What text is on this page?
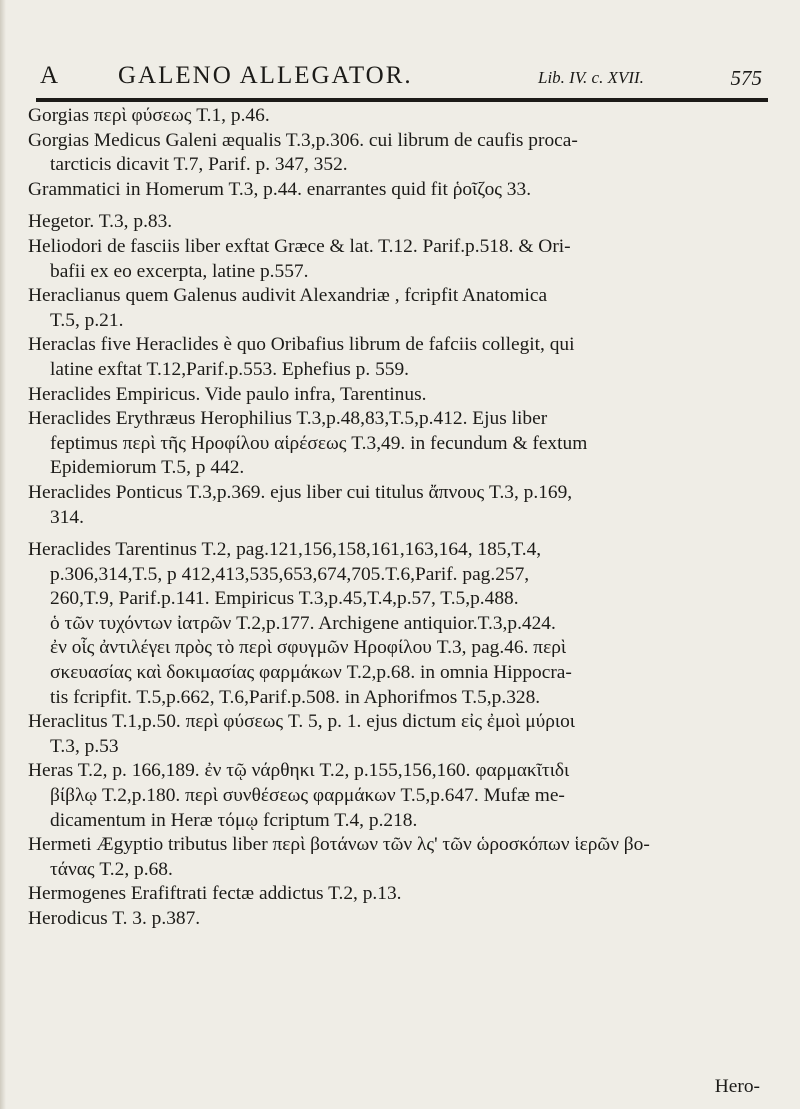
A GALENO ALLEGATOR.	Lib. IV. c. XVII.	575
Gorgias περὶ φύσεως T.1, p.46.
Gorgias Medicus Galeni æqualis T.3,p.306. cui librum de caufis proca-
tarcticis dicavit T.7, Parif. p. 347, 352.
Grammatici in Homerum T.3, p.44. enarrantes quid fit ῥοῖζος 33.
Hegetor. T.3, p.83.
Heliodori de fasciis liber exftat Græce & lat. T.12. Parif.p.518. & Ori-
bafii ex eo excerpta, latine p.557.
Heraclianus quem Galenus audivit Alexandriæ , fcripfit Anatomica
T.5, p.21.
Heraclas five Heraclides è quo Oribafius librum de fafciis collegit, qui
latine exftat T.12,Parif.p.553. Ephefius p. 559.
Heraclides Empiricus. Vide paulo infra, Tarentinus.
Heraclides Erythræus Herophilius T.3,p.48,83,T.5,p.412. Ejus liber
feptimus περὶ τῆς Ηροφίλου αἱρέσεως T.3,49. in fecundum & fextum
Epidemiorum T.5, p 442.
Heraclides Ponticus T.3,p.369. ejus liber cui titulus ἄπνους T.3, p.169,
314.
Heraclides Tarentinus T.2, pag.121,156,158,161,163,164, 185,T.4,
p.306,314,T.5, p 412,413,535,653,674,705.T.6,Parif. pag.257,
260,T.9, Parif.p.141. Empiricus T.3,p.45,T.4,p.57, T.5,p.488.
ὁ τῶν τυχόντων ἰατρῶν T.2,p.177. Archigene antiquior.T.3,p.424.
ἐν οἷς ἀντιλέγει πρὸς τὸ περὶ σφυγμῶν Ηροφίλου T.3, pag.46. περὶ
σκευασίας καὶ δοκιμασίας φαρμάκων T.2,p.68. in omnia Hippocra-
tis fcripfit. T.5,p.662, T.6,Parif.p.508. in Aphorifmos T.5,p.328.
Heraclitus T.1,p.50. περὶ φύσεως T. 5, p. 1. ejus dictum εἰς ἐμοὶ μύριοι
T.3, p.53
Heras T.2, p. 166,189. ἐν τῷ νάρθηκι T.2, p.155,156,160. φαρμακῖτιδι
βίβλῳ T.2,p.180. περὶ συνθέσεως φαρμάκων T.5,p.647. Mufæ me-
dicamentum in Heræ τόμῳ fcriptum T.4, p.218.
Hermeti Ægyptio tributus liber περὶ βοτάνων τῶν λς' τῶν ὡροσκόπων ἱερῶν βο-
τάνας T.2, p.68.
Hermogenes Erafiftrati fectæ addictus T.2, p.13.
Herodicus T. 3. p.387.
Hero-
